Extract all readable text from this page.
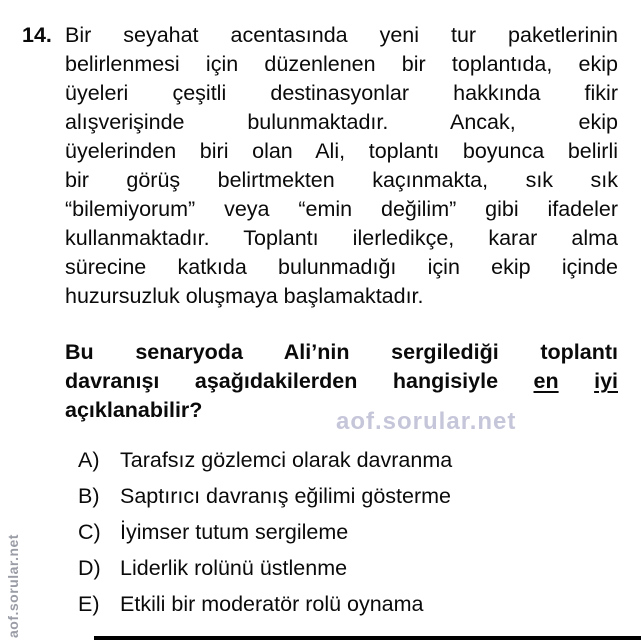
14. Bir seyahat acentasında yeni tur paketlerinin
belirlenmesi için düzenlenen bir toplantıda, ekip
üyeleri çeşitli destinasyonlar hakkında fikir
alışverişinde bulunmaktadır. Ancak, ekip
üyelerinden biri olan Ali, toplantı boyunca belirli
bir görüş belirtmekten kaçınmakta, sık sık
“bilemiyorum” veya “emin değilim” gibi ifadeler
kullanmaktadır. Toplantı ilerledikçe, karar alma
sürecine katkıda bulunmadığı için ekip içinde
huzursuzluk oluşmaya başlamaktadır.
Bu senaryoda Ali’nin sergilediği toplantı
davranışı aşağıdakilerden hangisiyle en iyi
açıklanabilir?
A) Tarafsız gözlemci olarak davranma
B) Saptırıcı davranış eğilimi gösterme
C) İyimser tutum sergileme
D) Liderlik rolünü üstlenme
E) Etkili bir moderatör rolü oynama
aof.sorular.net
aof.sorular.net
